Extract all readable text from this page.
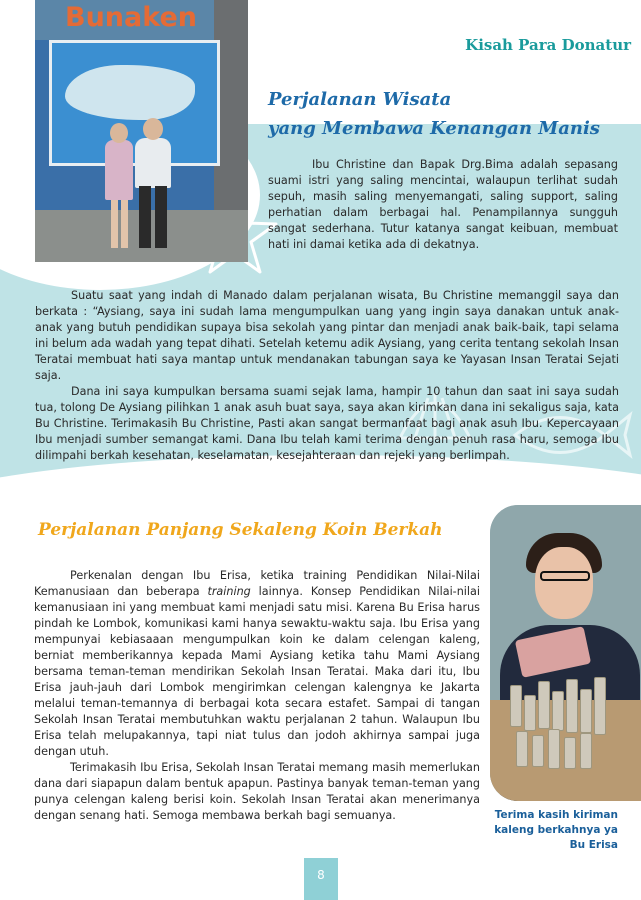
Bunaken
Kisah Para Donatur
Perjalanan Wisata
yang Membawa Kenangan Manis

Ibu Christine dan Bapak Drg.Bima adalah sepasang suami istri yang saling mencintai, walaupun terlihat sudah sepuh, masih saling menyemangati, saling support, saling perhatian dalam berbagai hal. Penampilannya sungguh sangat sederhana. Tutur katanya sangat keibuan, membuat hati ini damai ketika ada di dekatnya.

Suatu saat yang indah di Manado dalam perjalanan wisata, Bu Christine memanggil saya dan berkata : “Aysiang, saya ini sudah lama mengumpulkan uang yang ingin saya danakan untuk anak-anak yang butuh pendidikan supaya bisa sekolah yang pintar dan menjadi anak baik-baik, tapi selama ini belum ada wadah yang tepat dihati. Setelah ketemu adik Aysiang, yang cerita tentang sekolah Insan Teratai membuat hati saya mantap untuk mendanakan tabungan saya ke Yayasan Insan Teratai Sejati saja.

Dana ini saya kumpulkan bersama suami sejak lama, hampir 10 tahun dan saat ini saya sudah tua, tolong De Aysiang pilihkan 1 anak asuh buat saya, saya akan kirimkan dana ini sekaligus saja, kata Bu Christine. Terimakasih Bu Christine, Pasti akan sangat bermanfaat bagi anak asuh Ibu. Kepercayaan Ibu menjadi sumber semangat kami. Dana Ibu telah kami terima dengan penuh rasa haru, semoga Ibu dilimpahi berkah kesehatan, keselamatan, kesejahteraan dan rejeki yang berlimpah.

Perjalanan Panjang Sekaleng Koin Berkah

Perkenalan dengan Ibu Erisa, ketika training Pendidikan Nilai-Nilai Kemanusiaan dan beberapa training lainnya. Konsep Pendidikan Nilai-nilai kemanusiaan ini yang membuat kami menjadi satu misi. Karena Bu Erisa harus pindah ke Lombok, komunikasi kami hanya sewaktu-waktu saja. Ibu Erisa yang mempunyai kebiasaaan mengumpulkan koin ke dalam celengan kaleng, berniat memberikannya kepada Mami Aysiang ketika tahu Mami Aysiang bersama teman-teman mendirikan Sekolah Insan Teratai. Maka dari itu, Ibu Erisa jauh-jauh dari Lombok mengirimkan celengan kalengnya ke Jakarta melalui teman-temannya di berbagai kota secara estafet. Sampai di tangan Sekolah Insan Teratai membutuhkan waktu perjalanan 2 tahun. Walaupun Ibu Erisa telah melupakannya, tapi niat tulus dan jodoh akhirnya sampai juga dengan utuh.

Terimakasih Ibu Erisa, Sekolah Insan Teratai memang masih memerlukan dana dari siapapun dalam bentuk apapun. Pastinya banyak teman-teman yang punya celengan kaleng berisi koin. Sekolah Insan Teratai akan menerimanya dengan senang hati. Semoga membawa berkah bagi semuanya.	Terima kasih kiriman kaleng berkahnya ya Bu Erisa
8
